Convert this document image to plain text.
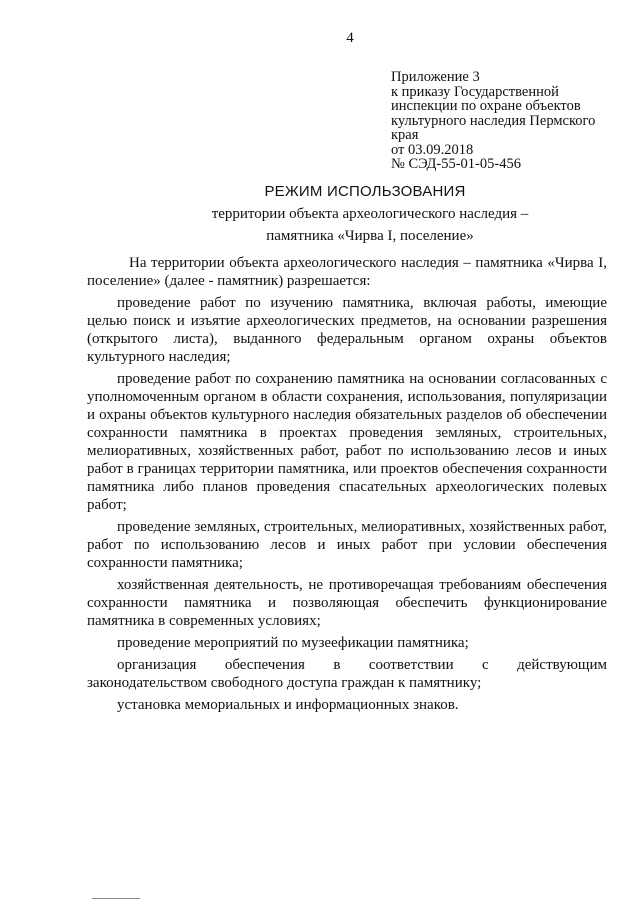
4
Приложение 3
к приказу Государственной
инспекции по охране объектов
культурного наследия Пермского
края
от 03.09.2018
№ СЭД-55-01-05-456
РЕЖИМ ИСПОЛЬЗОВАНИЯ
территории объекта археологического наследия –
памятника «Чирва I, поселение»

На территории объекта археологического наследия – памятника «Чирва I, поселение» (далее - памятник) разрешается:

проведение работ по изучению памятника, включая работы, имеющие целью поиск и изъятие археологических предметов, на основании разрешения (открытого листа), выданного федеральным органом охраны объектов культурного наследия;

проведение работ по сохранению памятника на основании согласованных с уполномоченным органом в области сохранения, использования, популяризации и охраны объектов культурного наследия обязательных разделов об обеспечении сохранности памятника в проектах проведения земляных, строительных, мелиоративных, хозяйственных работ, работ по использованию лесов и иных работ в границах территории памятника, или проектов обеспечения сохранности памятника либо планов проведения спасательных археологических полевых работ;

проведение земляных, строительных, мелиоративных, хозяйственных работ, работ по использованию лесов и иных работ при условии обеспечения сохранности памятника;

хозяйственная деятельность, не противоречащая требованиям обеспечения сохранности памятника и позволяющая обеспечить функционирование памятника в современных условиях;

проведение мероприятий по музеефикации памятника;

организация обеспечения в соответствии с действующим законодательством свободного доступа граждан к памятнику;

установка мемориальных и информационных знаков.
